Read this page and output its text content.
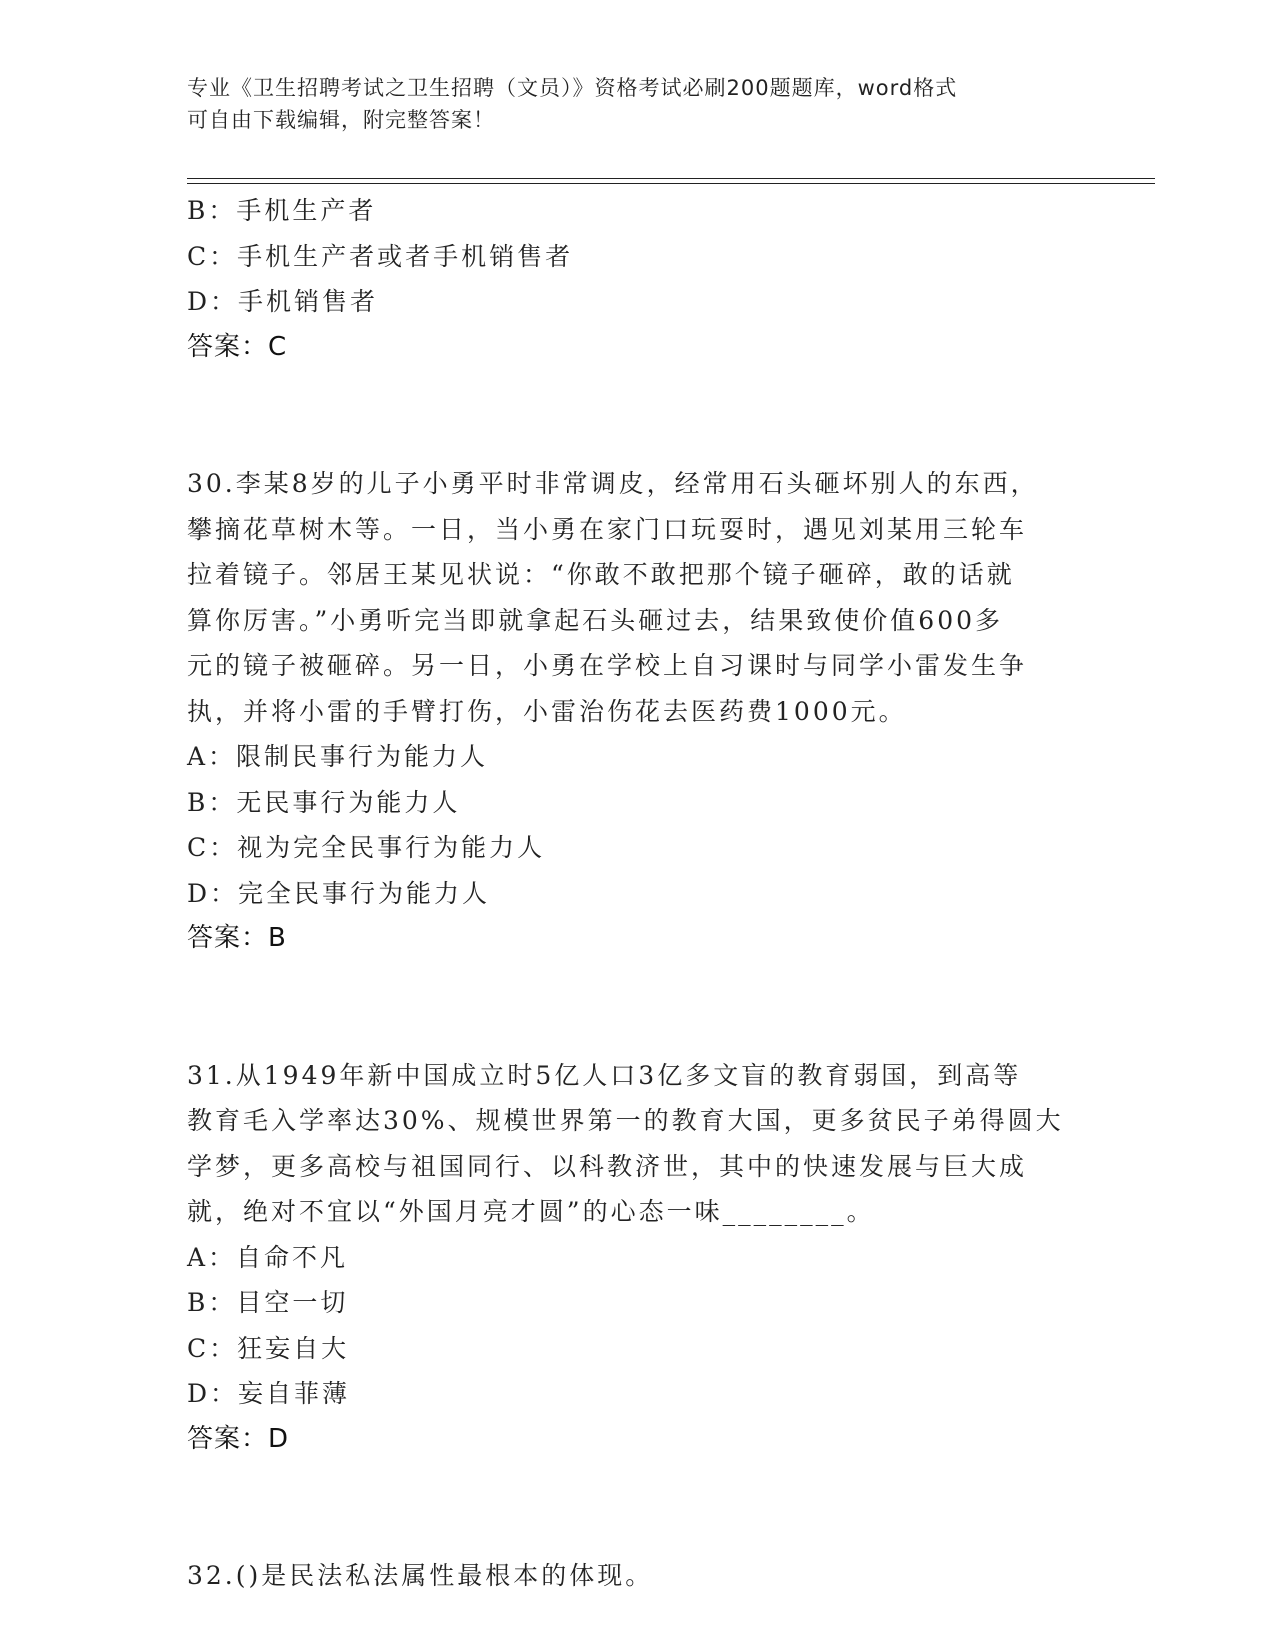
专业《卫生招聘考试之卫生招聘（文员）》资格考试必刷200题题库，word格式
可自由下载编辑，附完整答案！
B：手机生产者
C：手机生产者或者手机销售者
D：手机销售者
答案：C
30.李某8岁的儿子小勇平时非常调皮，经常用石头砸坏别人的东西，
攀摘花草树木等。一日，当小勇在家门口玩耍时，遇见刘某用三轮车
拉着镜子。邻居王某见状说：“你敢不敢把那个镜子砸碎，敢的话就
算你厉害。”小勇听完当即就拿起石头砸过去，结果致使价值600多
元的镜子被砸碎。另一日，小勇在学校上自习课时与同学小雷发生争
执，并将小雷的手臂打伤，小雷治伤花去医药费1000元。
A：限制民事行为能力人
B：无民事行为能力人
C：视为完全民事行为能力人
D：完全民事行为能力人
答案：B
31.从1949年新中国成立时5亿人口3亿多文盲的教育弱国，到高等
教育毛入学率达30%、规模世界第一的教育大国，更多贫民子弟得圆大
学梦，更多高校与祖国同行、以科教济世，其中的快速发展与巨大成
就，绝对不宜以“外国月亮才圆”的心态一味________。
A：自命不凡
B：目空一切
C：狂妄自大
D：妄自菲薄
答案：D
32.()是民法私法属性最根本的体现。
